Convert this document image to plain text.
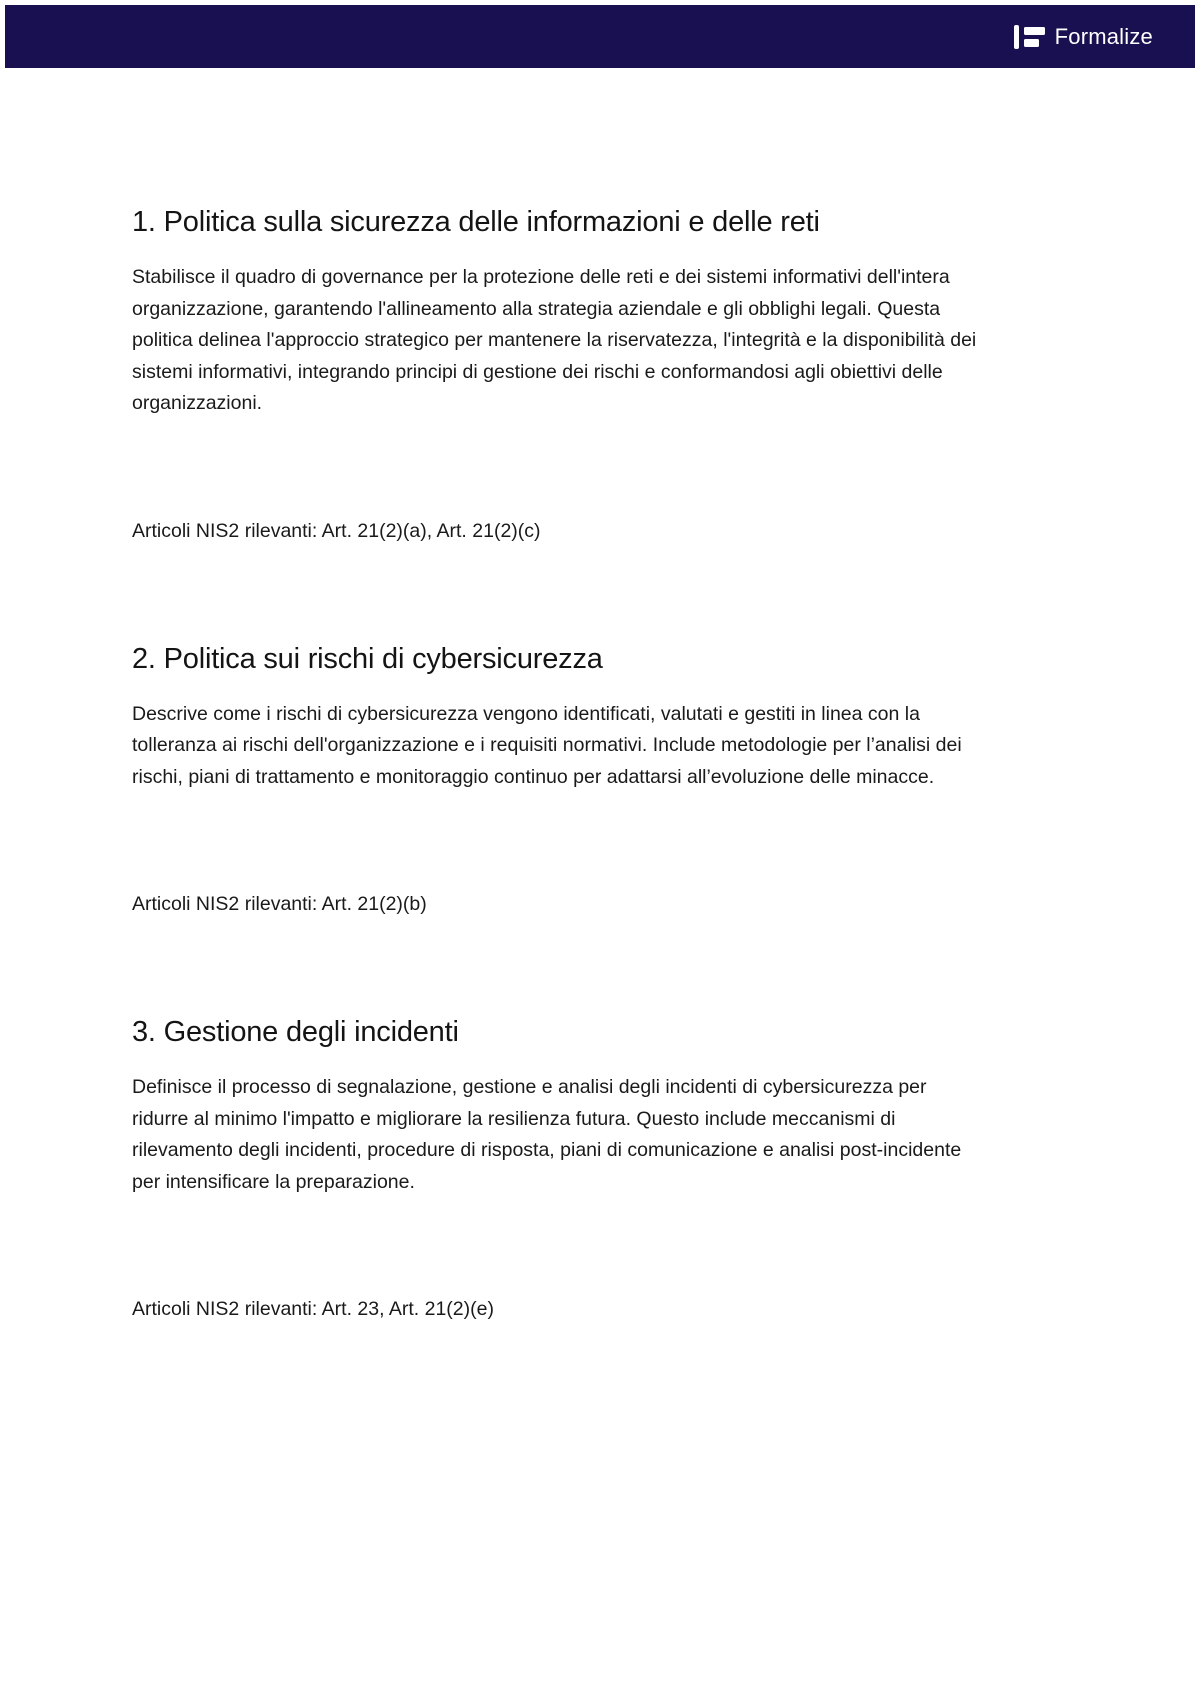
Formalize
1. Politica sulla sicurezza delle informazioni e delle reti

Stabilisce il quadro di governance per la protezione delle reti e dei sistemi informativi dell'intera organizzazione, garantendo l'allineamento alla strategia aziendale e gli obblighi legali. Questa politica delinea l'approccio strategico per mantenere la riservatezza, l'integrità e la disponibilità dei sistemi informativi, integrando principi di gestione dei rischi e conformandosi agli obiettivi delle organizzazioni.

Articoli NIS2 rilevanti: Art. 21(2)(a), Art. 21(2)(c)

2. Politica sui rischi di cybersicurezza

Descrive come i rischi di cybersicurezza vengono identificati, valutati e gestiti in linea con la tolleranza ai rischi dell'organizzazione e i requisiti normativi. Include metodologie per l’analisi dei rischi, piani di trattamento e monitoraggio continuo per adattarsi all’evoluzione delle minacce.

Articoli NIS2 rilevanti: Art. 21(2)(b)

3. Gestione degli incidenti

Definisce il processo di segnalazione, gestione e analisi degli incidenti di cybersicurezza per ridurre al minimo l'impatto e migliorare la resilienza futura. Questo include meccanismi di rilevamento degli incidenti, procedure di risposta, piani di comunicazione e analisi post-incidente per intensificare la preparazione.

Articoli NIS2 rilevanti: Art. 23, Art. 21(2)(e)
